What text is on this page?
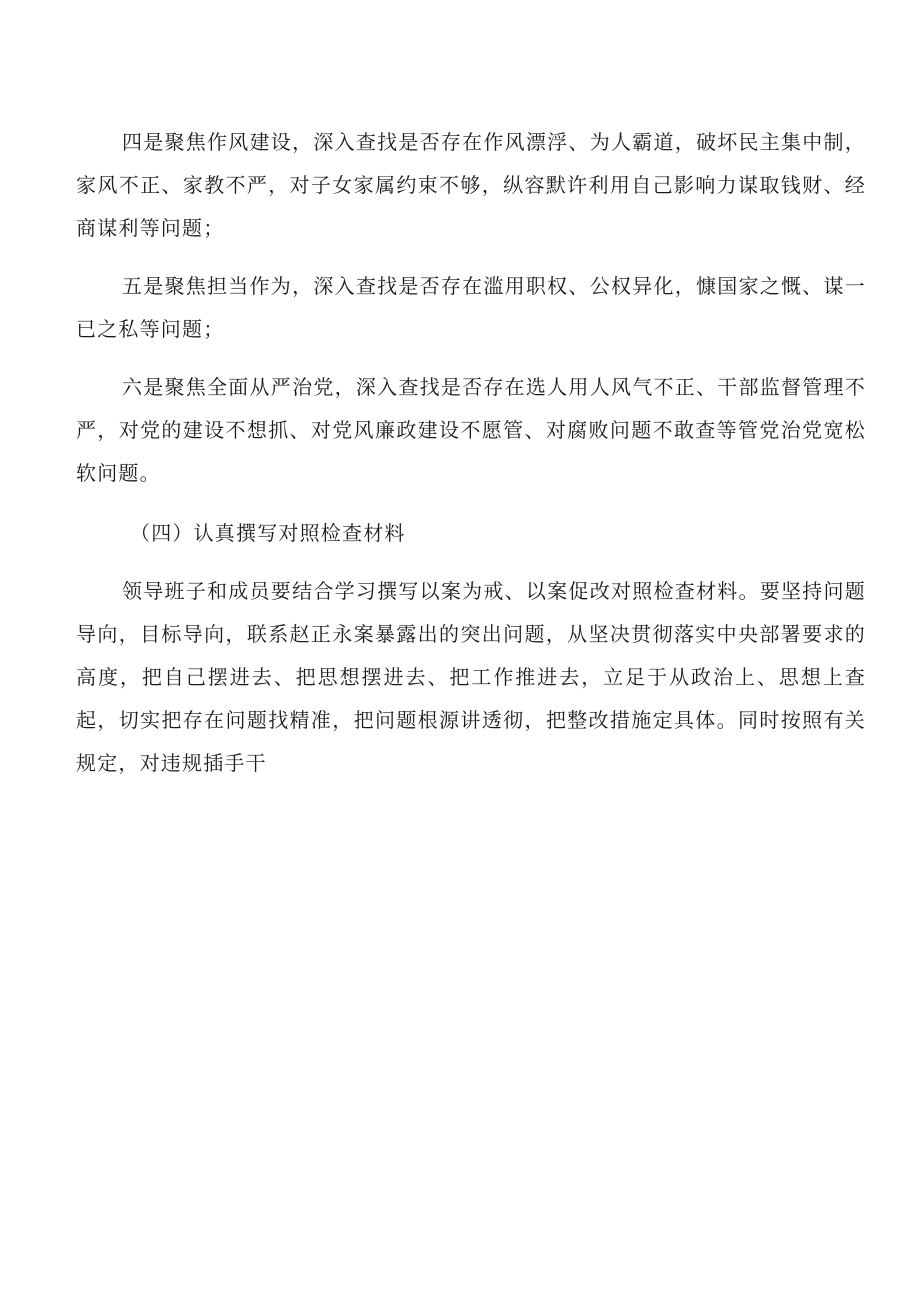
四是聚焦作风建设，深入查找是否存在作风漂浮、为人霸道，破坏民主集中制，家风不正、家教不严，对子女家属约束不够，纵容默许利用自己影响力谋取钱财、经商谋利等问题；

五是聚焦担当作为，深入查找是否存在滥用职权、公权异化，慷国家之慨、谋一已之私等问题；

六是聚焦全面从严治党，深入查找是否存在选人用人风气不正、干部监督管理不严，对党的建设不想抓、对党风廉政建设不愿管、对腐败问题不敢查等管党治党宽松软问题。

（四）认真撰写对照检查材料

领导班子和成员要结合学习撰写以案为戒、以案促改对照检查材料。要坚持问题导向，目标导向，联系赵正永案暴露出的突出问题，从坚决贯彻落实中央部署要求的高度，把自己摆进去、把思想摆进去、把工作推进去，立足于从政治上、思想上查起，切实把存在问题找精准，把问题根源讲透彻，把整改措施定具体。同时按照有关规定，对违规插手干
